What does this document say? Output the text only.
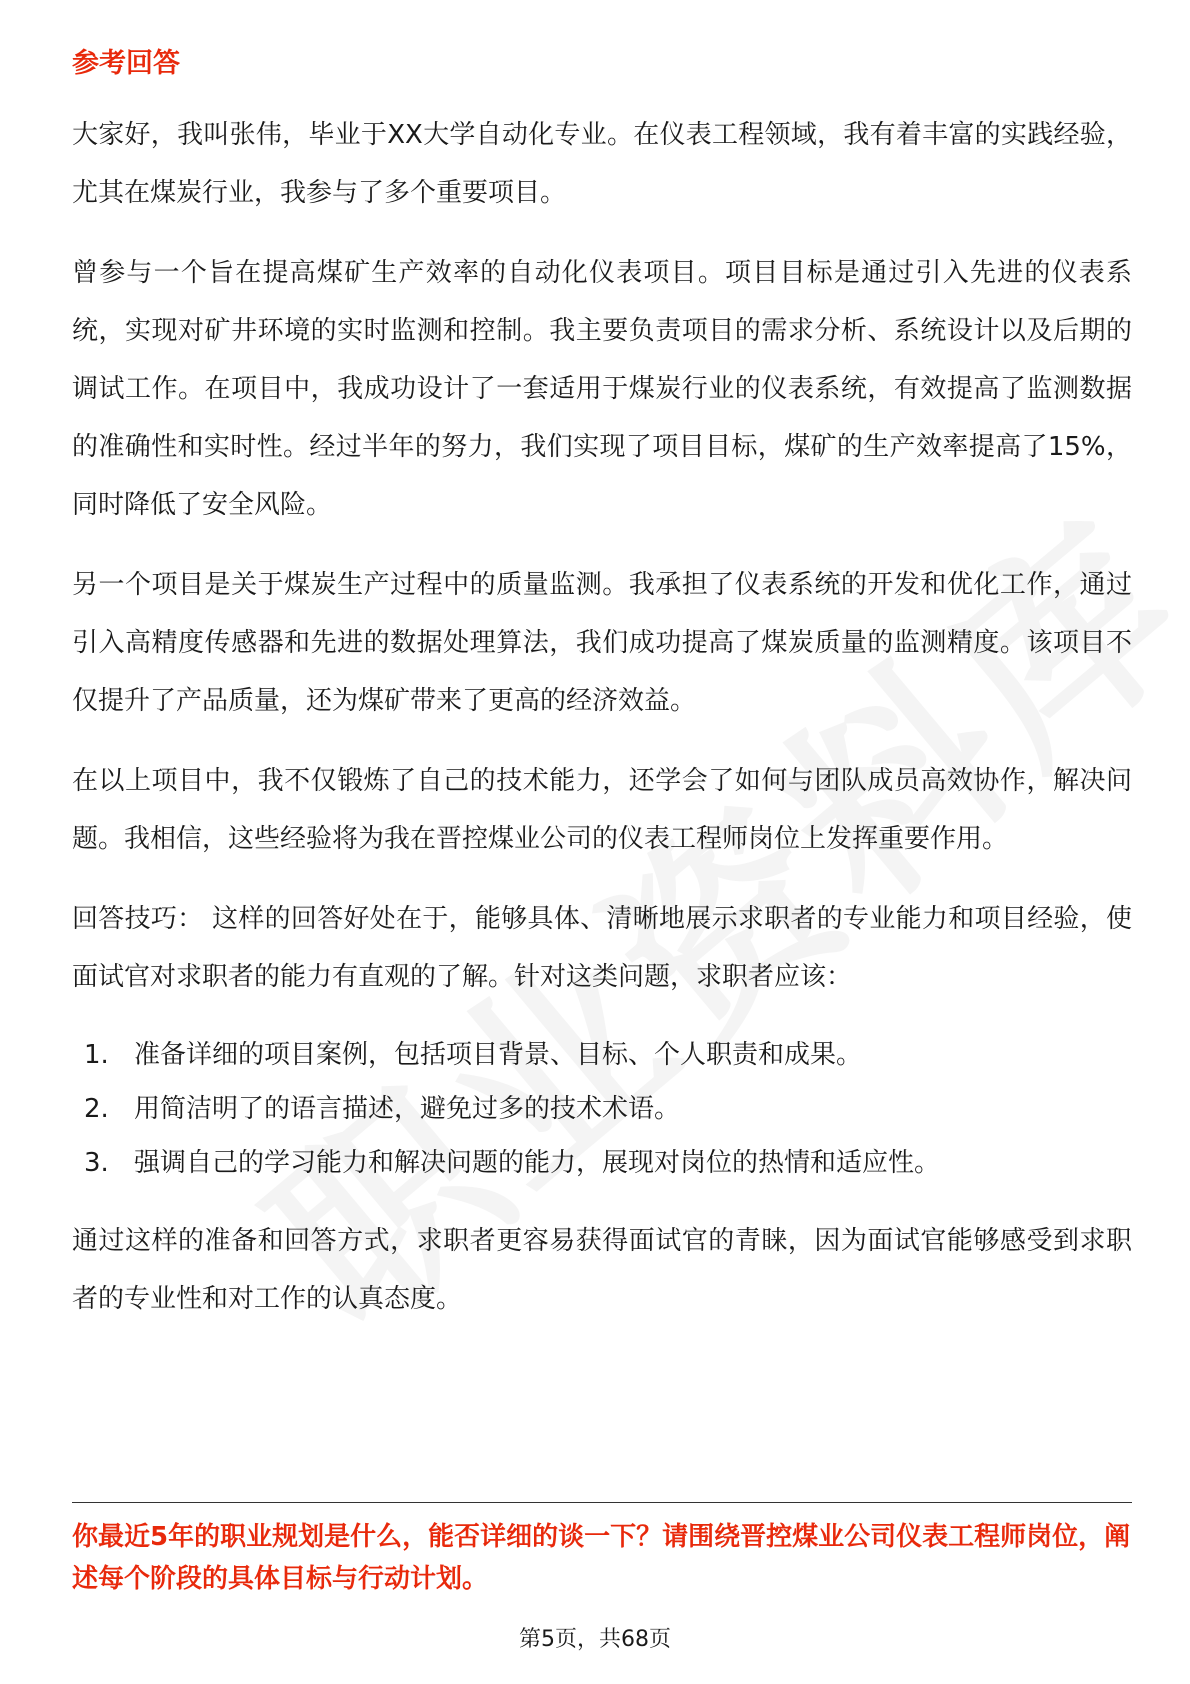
参考回答

大家好，我叫张伟，毕业于XX大学自动化专业。在仪表工程领域，我有着丰富的实践经验，尤其在煤炭行业，我参与了多个重要项目。

曾参与一个旨在提高煤矿生产效率的自动化仪表项目。项目目标是通过引入先进的仪表系统，实现对矿井环境的实时监测和控制。我主要负责项目的需求分析、系统设计以及后期的调试工作。在项目中，我成功设计了一套适用于煤炭行业的仪表系统，有效提高了监测数据的准确性和实时性。经过半年的努力，我们实现了项目目标，煤矿的生产效率提高了15%，同时降低了安全风险。

另一个项目是关于煤炭生产过程中的质量监测。我承担了仪表系统的开发和优化工作，通过引入高精度传感器和先进的数据处理算法，我们成功提高了煤炭质量的监测精度。该项目不仅提升了产品质量，还为煤矿带来了更高的经济效益。

在以上项目中，我不仅锻炼了自己的技术能力，还学会了如何与团队成员高效协作，解决问题。我相信，这些经验将为我在晋控煤业公司的仪表工程师岗位上发挥重要作用。

回答技巧： 这样的回答好处在于，能够具体、清晰地展示求职者的专业能力和项目经验，使面试官对求职者的能力有直观的了解。针对这类问题，求职者应该：

1. 准备详细的项目案例，包括项目背景、目标、个人职责和成果。
2. 用简洁明了的语言描述，避免过多的技术术语。
3. 强调自己的学习能力和解决问题的能力，展现对岗位的热情和适应性。

通过这样的准备和回答方式，求职者更容易获得面试官的青睐，因为面试官能够感受到求职者的专业性和对工作的认真态度。

你最近5年的职业规划是什么，能否详细的谈一下？请围绕晋控煤业公司仪表工程师岗位，阐述每个阶段的具体目标与行动计划。
第5页，共68页
